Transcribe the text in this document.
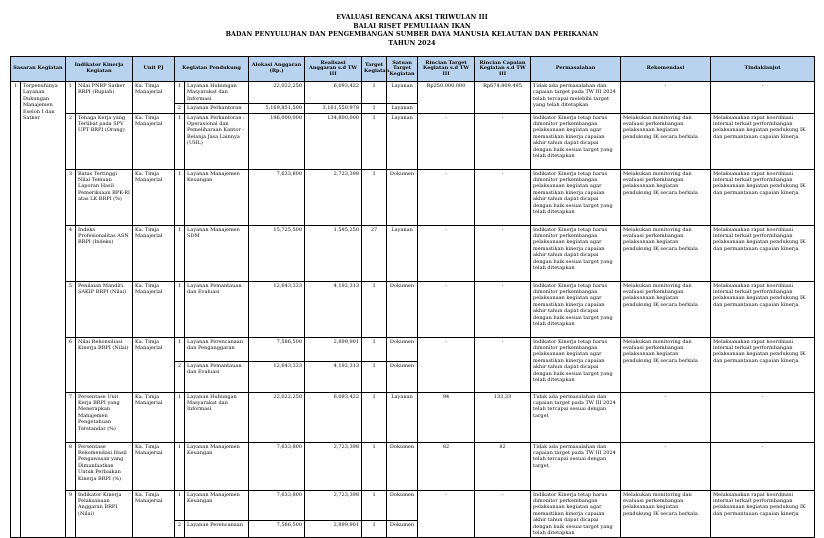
EVALUASI RENCANA AKSI TRIWULAN III
BALAI RISET PEMULIAAN IKAN
BADAN PENYULUHAN DAN PENGEMBANGAN SUMBER DAYA MANUSIA KELAUTAN DAN PERIKANAN
TAHUN 2024
Sasaran Kegiatan		Indikator Kinerja Kegiatan		Unit PJ	Kegiatan Pendukung		Alokasi Anggaran (Rp.)	Realisasi Anggaran s.d TW III	Target Kegiatan	Satuan Target Kegiatan	Rincian Target Kegiatan s.d TW III	Rincian Capaian Kegiatan s.d TW III	Permasalahan	Rekomendasi	Tindaklanjut
1	Terpenuhinya Layanan Dukungan Manajemen Eselon I dan Satker	1	Nilai PNBP Satker BRPI (Rupiah)	Ka. Timja Manajerial	1	Layanan Hubungan Masyarakat dan Informasi	22,022,250	6,093,422	1	Layanan	Rp250.000.000	Rp674.809.495	Tidak ada permasalahan dan capaian target pada TW III 2024 telah tercapai melebihi target yang telah ditetapkan	-	-
					2	Layanan Perkantoran	5,169,851,500	3,161,550,978	1	Layanan					
		2	Tenaga Kerja yang Terlibat pada SPV UPT BRPI (Orang)	Ka. Timja Manajerial	1	Layanan Perkantoran : Operasional dan Pemeliharaan Kantor - Belanja Jasa Lainnya (UHL)	196,000,000	134,800,000	1	Layanan	-	-	Indikator Kinerja tetap harus dimonitor perkembangan pelaksanaan kegiatan agar memastikan kinerja capaian akhir tahun dapat dicapai dengan baik sesuai target yang telah ditetapkan	Melakukan monitoring dan evaluasi perkembangan pelaksanaan kegiatan pendukung IK secara berkala	Melaksanakan rapat koordinasi internal terkait performbangan pelaksanaan kegiatan pendukung IK dan permantauan capaian kinerja
		3	Batas Tertinggi Nilai Temuan Laporan Hasil Pemeriksaan BPK-RI atas LK BRPI (%)	Ka. Timja Manajerial	1	Layanan Manajemen Keuangan	7,633,800	2,723,398	1	Dokumen	-	-	Indikator Kinerja tetap harus dimonitor perkembangan pelaksanaan kegiatan agar memastikan kinerja capaian akhir tahun dapat dicapai dengan baik sesuai target yang telah ditetapkan	Melakukan monitoring dan evaluasi perkembangan pelaksanaan kegiatan pendukung IK secara berkala	Melaksanakan rapat koordinasi internal terkait performbangan pelaksanaan kegiatan pendukung IK dan permantauan capaian kinerja
		4	Indeks Profesionalitas ASN BRPI (Indeks)	Ka. Timja Manajerial	1	Layanan Manajemen SDM	15,725,500	1,585,250	27	Layanan	-	-	Indikator Kinerja tetap harus dimonitor perkembangan pelaksanaan kegiatan agar memastikan kinerja capaian akhir tahun dapat dicapai dengan baik sesuai target yang telah ditetapkan	Melakukan monitoring dan evaluasi perkembangan pelaksanaan kegiatan pendukung IK secara berkala	Melaksanakan rapat koordinasi internal terkait performbangan pelaksanaan kegiatan pendukung IK dan permantauan capaian kinerja
		5	Penilaian Mandiri SAKIP BRPI (Nilai)	Ka. Timja Manajerial	1	Layanan Pemantauan dan Evaluasi	12,643,333	4,192,313	1	Dokumen	-	-	Indikator Kinerja tetap harus dimonitor perkembangan pelaksanaan kegiatan agar memastikan kinerja capaian akhir tahun dapat dicapai dengan baik sesuai target yang telah ditetapkan	Melakukan monitoring dan evaluasi perkembangan pelaksanaan kegiatan pendukung IK secara berkala	Melaksanakan rapat koordinasi internal terkait performbangan pelaksanaan kegiatan pendukung IK dan permantauan capaian kinerja
		6	Nilai Rekonsiliasi Kinerja BRPI (Nilai)	Ka. Timja Manajerial	1	Layanan Perencanaan dan Penganggaran	7,586,500	2,899,901	1	Dokumen	-	-	Indikator Kinerja tetap harus dimonitor perkembangan pelaksanaan kegiatan agar memastikan kinerja capaian akhir tahun dapat dicapai dengan baik sesuai target yang telah ditetapkan	Melakukan monitoring dan evaluasi perkembangan pelaksanaan kegiatan pendukung IK secara berkala	Melaksanakan rapat koordinasi internal terkait performbangan pelaksanaan kegiatan pendukung IK dan permantauan capaian kinerja
					2	Layanan Pemantauan dan Evaluasi	12,643,333	4,192,313	1	Dokumen					
		7	Persentase Unit Kerja BRPI yang Menerapkan Manajemen Pengetahuan Terstandar (%)	Ka. Timja Manajerial	1	Layanan Hubungan Masyarakat dan Informasi	22,022,250	6,093,422	1	Layanan	94	133,33	Tidak ada permasalahan dan capaian target pada TW III 2024 telah tercapai sesuai dengan target	-	-
		8	Persentase Rekomendasi Hasil Pengawasan yang Dimanfaatkan Untuk Perbaikan Kinerja BRPI (%)	Ka. Timja Manajerial	1	Layanan Manajemen Keuangan	7,633,800	2,723,398	1	Dokumen	82	82	Tidak ada permasalahan dan capaian target pada TW III 2024 telah tercapai sesuai dengan target	-	-
		9	Indikator Kinerja Pelaksanaan Anggaran BRPI (Nilai)	Ka. Timja Manajerial	1	Layanan Manajemen Keuangan	7,633,800	2,723,398	1	Dokumen	-	-	Indikator Kinerja tetap harus dimonitor perkembangan pelaksanaan kegiatan agar memastikan kinerja capaian akhir tahun dapat dicapai dengan baik sesuai target yang telah ditetapkan	Melakukan monitoring dan evaluasi perkembangan pelaksanaan kegiatan pendukung IK secara berkala	Melaksanakan rapat koordinasi internal terkait performbangan pelaksanaan kegiatan pendukung IK dan permantauan capaian kinerja
					2	Layanan Perencanaan	7,586,500	2,899,901	1	Dokumen					
